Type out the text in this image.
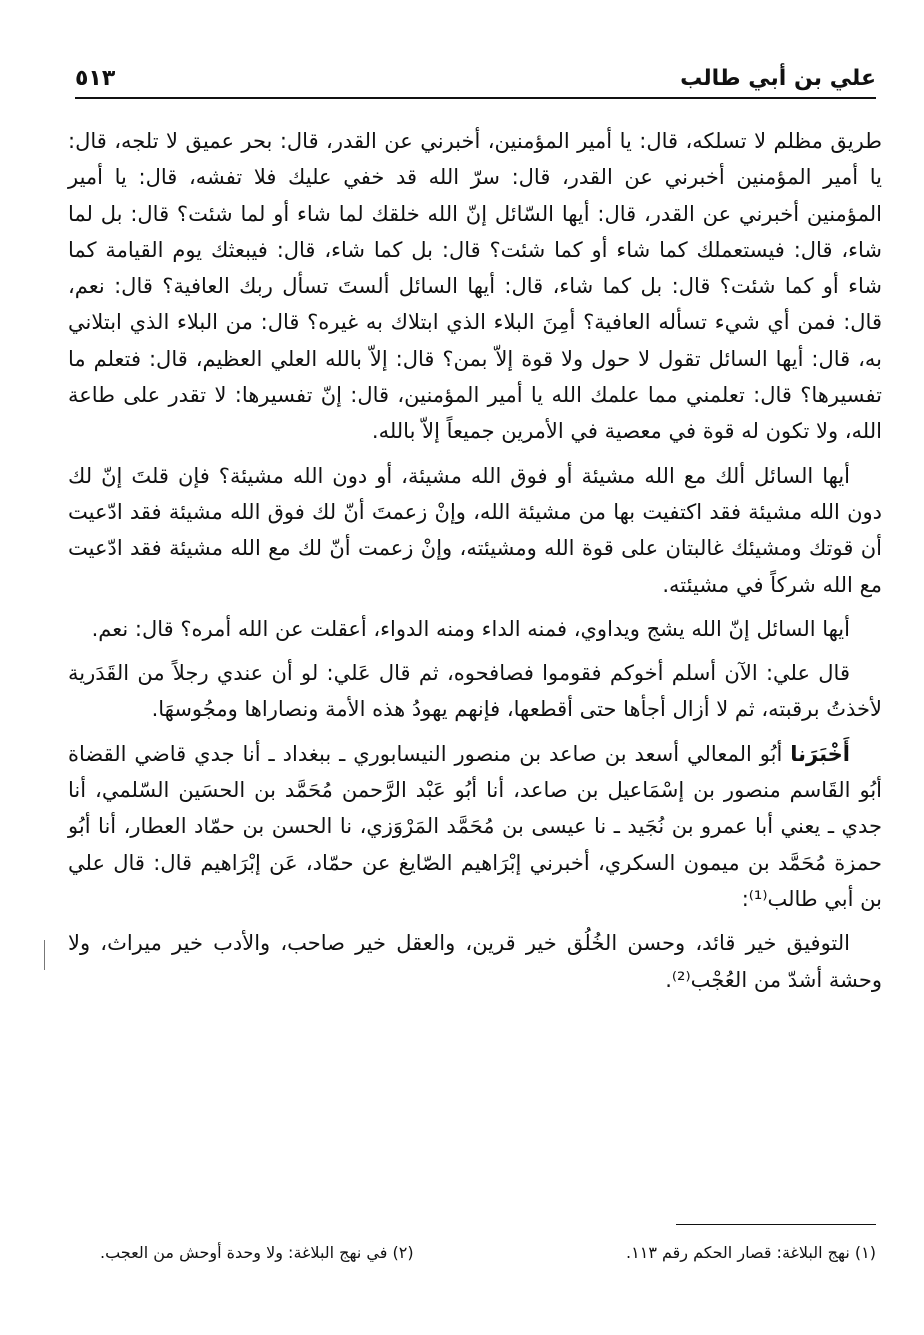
علي بن أبي طالب
٥١٣

طريق مظلم لا تسلكه، قال: يا أمير المؤمنين، أخبرني عن القدر، قال: بحر عميق لا تلجه، قال: يا أمير المؤمنين أخبرني عن القدر، قال: سرّ الله قد خفي عليك فلا تفشه، قال: يا أمير المؤمنين أخبرني عن القدر، قال: أيها السّائل إنّ الله خلقك لما شاء أو لما شئت؟ قال: بل لما شاء، قال: فيستعملك كما شاء أو كما شئت؟ قال: بل كما شاء، قال: فيبعثك يوم القيامة كما شاء أو كما شئت؟ قال: بل كما شاء، قال: أيها السائل ألستَ تسأل ربك العافية؟ قال: نعم، قال: فمن أي شيء تسأله العافية؟ أمِنَ البلاء الذي ابتلاك به غيره؟ قال: من البلاء الذي ابتلاني به، قال: أيها السائل تقول لا حول ولا قوة إلاّ بمن؟ قال: إلاّ بالله العلي العظيم، قال: فتعلم ما تفسيرها؟ قال: تعلمني مما علمك الله يا أمير المؤمنين، قال: إنّ تفسيرها: لا تقدر على طاعة الله، ولا تكون له قوة في معصية في الأمرين جميعاً إلاّ بالله.

أيها السائل ألك مع الله مشيئة أو فوق الله مشيئة، أو دون الله مشيئة؟ فإن قلتَ إنّ لك دون الله مشيئة فقد اكتفيت بها من مشيئة الله، وإنْ زعمتَ أنّ لك فوق الله مشيئة فقد ادّعيت أن قوتك ومشيئك غالبتان على قوة الله ومشيئته، وإنْ زعمت أنّ لك مع الله مشيئة فقد ادّعيت مع الله شركاً في مشيئته.

أيها السائل إنّ الله يشج ويداوي، فمنه الداء ومنه الدواء، أعقلت عن الله أمره؟ قال: نعم.

قال علي: الآن أسلم أخوكم فقوموا فصافحوه، ثم قال عَلي: لو أن عندي رجلاً من القَدَرية لأخذتُ برقبته، ثم لا أزال أجأها حتى أقطعها، فإنهم يهودُ هذه الأمة ونصاراها ومجُوسهَا.

أَخْبَرَنا أبُو المعالي أسعد بن صاعد بن منصور النيسابوري ـ ببغداد ـ أنا جدي قاضي القضاة أبُو القَاسم منصور بن إسْمَاعيل بن صاعد، أنا أبُو عَبْد الرَّحمن مُحَمَّد بن الحسَين السّلمي، أنا جدي ـ يعني أبا عمرو بن نُجَيد ـ نا عيسى بن مُحَمَّد المَرْوَزي، نا الحسن بن حمّاد العطار، أنا أبُو حمزة مُحَمَّد بن ميمون السكري، أخبرني إبْرَاهيم الصّايغ عن حمّاد، عَن إبْرَاهيم قال: قال علي بن أبي طالب⁽¹⁾:

التوفيق خير قائد، وحسن الخُلُق خير قرين، والعقل خير صاحب، والأدب خير ميراث، ولا وحشة أشدّ من العُجْب⁽²⁾.

(١) نهج البلاغة: قصار الحكم رقم ١١٣.
(٢) في نهج البلاغة: ولا وحدة أوحش من العجب.
